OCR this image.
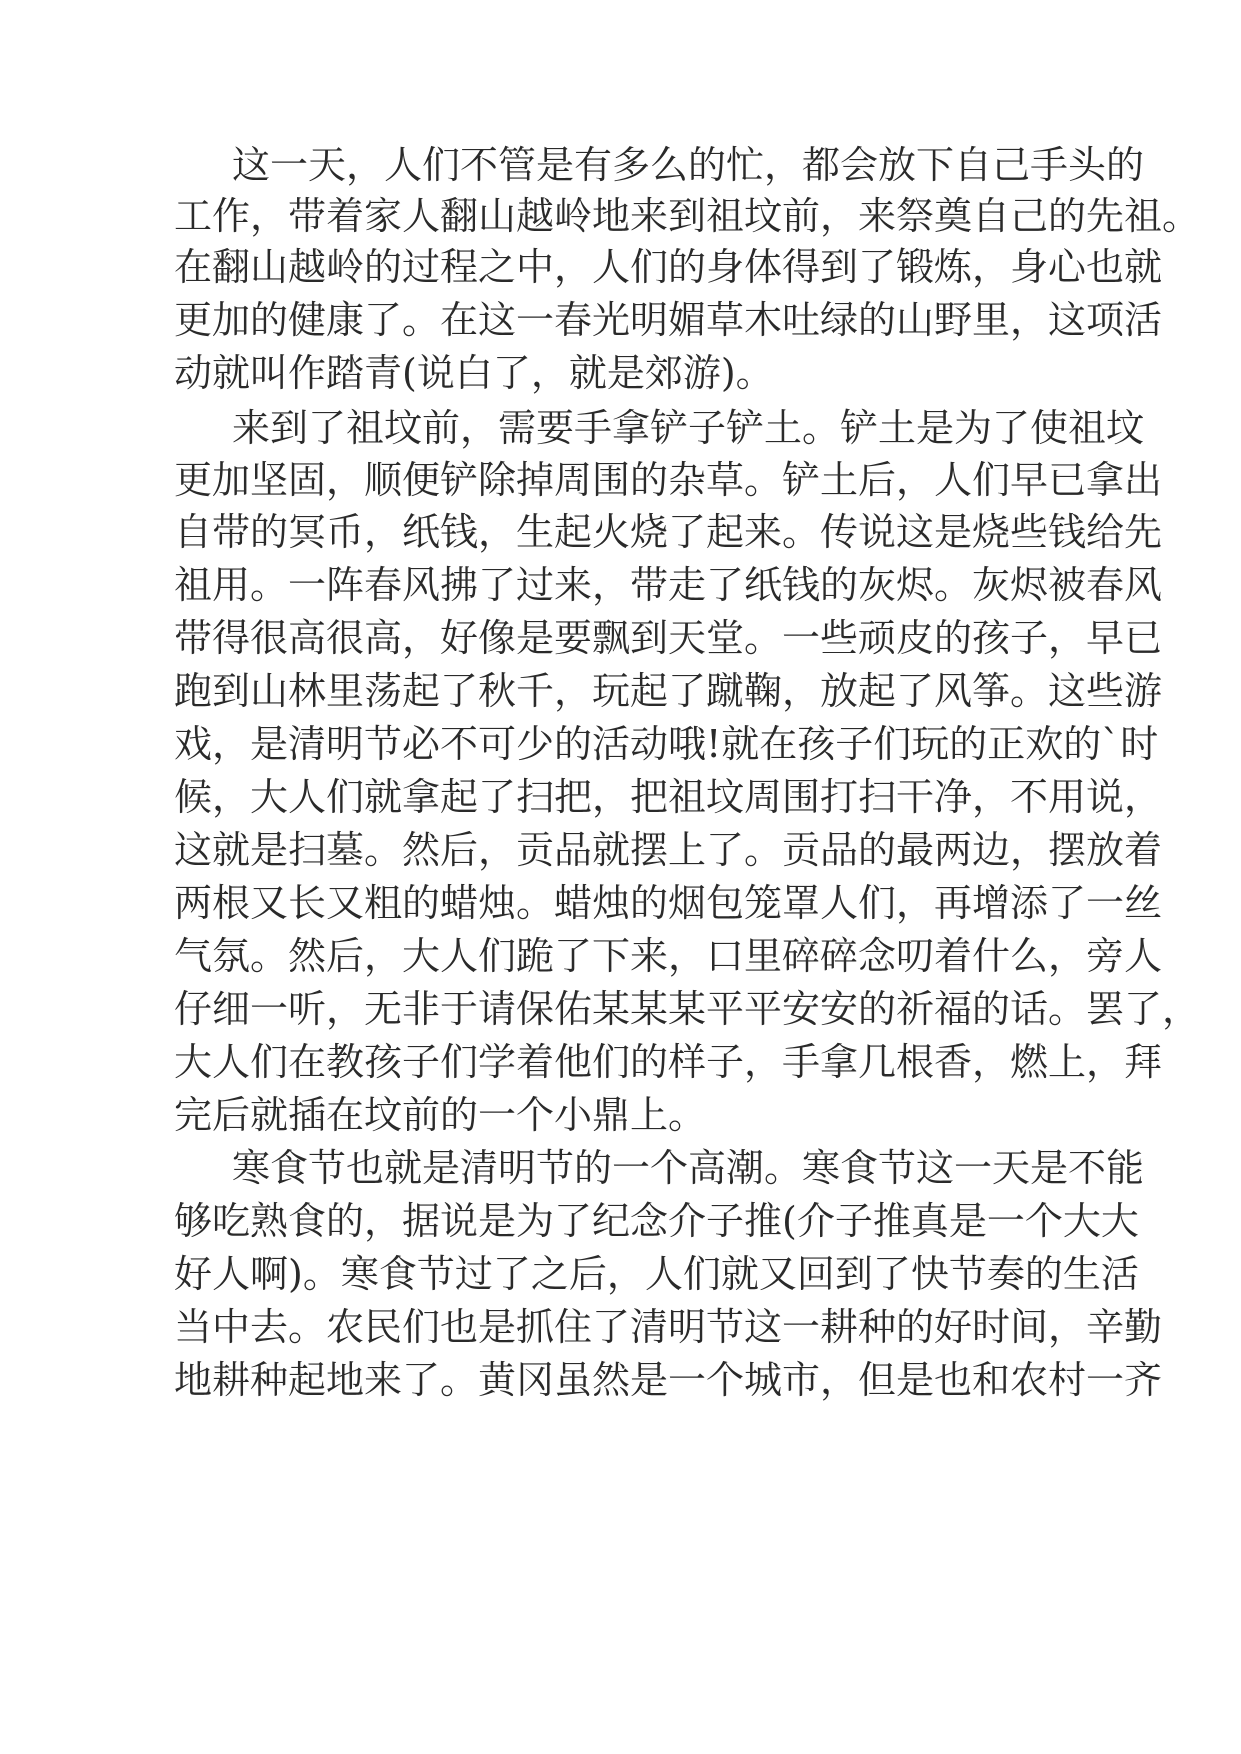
这一天，人们不管是有多么的忙，都会放下自己手头的

工作，带着家人翻山越岭地来到祖坟前，来祭奠自己的先祖。

在翻山越岭的过程之中，人们的身体得到了锻炼，身心也就

更加的健康了。在这一春光明媚草木吐绿的山野里，这项活

动就叫作踏青(说白了，就是郊游)。

来到了祖坟前，需要手拿铲子铲土。铲土是为了使祖坟

更加坚固，顺便铲除掉周围的杂草。铲土后，人们早已拿出

自带的冥币，纸钱，生起火烧了起来。传说这是烧些钱给先

祖用。一阵春风拂了过来，带走了纸钱的灰烬。灰烬被春风

带得很高很高，好像是要飘到天堂。一些顽皮的孩子，早已

跑到山林里荡起了秋千，玩起了蹴鞠，放起了风筝。这些游

戏，是清明节必不可少的活动哦!就在孩子们玩的正欢的`时

候，大人们就拿起了扫把，把祖坟周围打扫干净，不用说，

这就是扫墓。然后，贡品就摆上了。贡品的最两边，摆放着

两根又长又粗的蜡烛。蜡烛的烟包笼罩人们，再增添了一丝

气氛。然后，大人们跪了下来，口里碎碎念叨着什么，旁人

仔细一听，无非于请保佑某某某平平安安的祈福的话。罢了，

大人们在教孩子们学着他们的样子，手拿几根香，燃上，拜

完后就插在坟前的一个小鼎上。

寒食节也就是清明节的一个高潮。寒食节这一天是不能

够吃熟食的，据说是为了纪念介子推(介子推真是一个大大

好人啊)。寒食节过了之后，人们就又回到了快节奏的生活

当中去。农民们也是抓住了清明节这一耕种的好时间，辛勤

地耕种起地来了。黄冈虽然是一个城市，但是也和农村一齐
